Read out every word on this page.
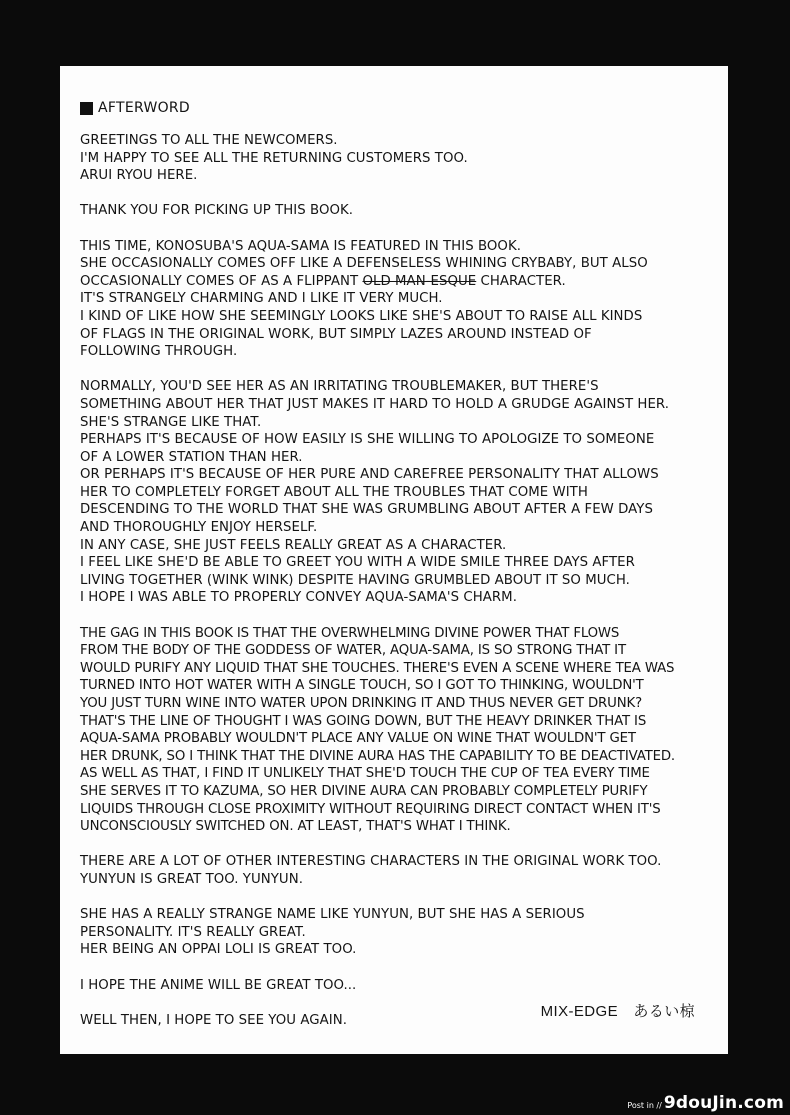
AFTERWORD
GREETINGS TO ALL THE NEWCOMERS.
I'M HAPPY TO SEE ALL THE RETURNING CUSTOMERS TOO.
ARUI RYOU HERE.
THANK YOU FOR PICKING UP THIS BOOK.
THIS TIME, KONOSUBA'S AQUA-SAMA IS FEATURED IN THIS BOOK.
SHE OCCASIONALLY COMES OFF LIKE A DEFENSELESS WHINING CRYBABY, BUT ALSO
OCCASIONALLY COMES OF AS A FLIPPANT OLD MAN-ESQUE CHARACTER.
IT'S STRANGELY CHARMING AND I LIKE IT VERY MUCH.
I KIND OF LIKE HOW SHE SEEMINGLY LOOKS LIKE SHE'S ABOUT TO RAISE ALL KINDS
OF FLAGS IN THE ORIGINAL WORK, BUT SIMPLY LAZES AROUND INSTEAD OF
FOLLOWING THROUGH.
NORMALLY, YOU'D SEE HER AS AN IRRITATING TROUBLEMAKER, BUT THERE'S
SOMETHING ABOUT HER THAT JUST MAKES IT HARD TO HOLD A GRUDGE AGAINST HER.
SHE'S STRANGE LIKE THAT.
PERHAPS IT'S BECAUSE OF HOW EASILY IS SHE WILLING TO APOLOGIZE TO SOMEONE
OF A LOWER STATION THAN HER.
OR PERHAPS IT'S BECAUSE OF HER PURE AND CAREFREE PERSONALITY THAT ALLOWS
HER TO COMPLETELY FORGET ABOUT ALL THE TROUBLES THAT COME WITH
DESCENDING TO THE WORLD THAT SHE WAS GRUMBLING ABOUT AFTER A FEW DAYS
AND THOROUGHLY ENJOY HERSELF.
IN ANY CASE, SHE JUST FEELS REALLY GREAT AS A CHARACTER.
I FEEL LIKE SHE'D BE ABLE TO GREET YOU WITH A WIDE SMILE THREE DAYS AFTER
LIVING TOGETHER (WINK WINK) DESPITE HAVING GRUMBLED ABOUT IT SO MUCH.
I HOPE I WAS ABLE TO PROPERLY CONVEY AQUA-SAMA'S CHARM.
THE GAG IN THIS BOOK IS THAT THE OVERWHELMING DIVINE POWER THAT FLOWS
FROM THE BODY OF THE GODDESS OF WATER, AQUA-SAMA, IS SO STRONG THAT IT
WOULD PURIFY ANY LIQUID THAT SHE TOUCHES. THERE'S EVEN A SCENE WHERE TEA WAS
TURNED INTO HOT WATER WITH A SINGLE TOUCH, SO I GOT TO THINKING, WOULDN'T
YOU JUST TURN WINE INTO WATER UPON DRINKING IT AND THUS NEVER GET DRUNK?
THAT'S THE LINE OF THOUGHT I WAS GOING DOWN, BUT THE HEAVY DRINKER THAT IS
AQUA-SAMA PROBABLY WOULDN'T PLACE ANY VALUE ON WINE THAT WOULDN'T GET
HER DRUNK, SO I THINK THAT THE DIVINE AURA HAS THE CAPABILITY TO BE DEACTIVATED.
AS WELL AS THAT, I FIND IT UNLIKELY THAT SHE'D TOUCH THE CUP OF TEA EVERY TIME
SHE SERVES IT TO KAZUMA, SO HER DIVINE AURA CAN PROBABLY COMPLETELY PURIFY
LIQUIDS THROUGH CLOSE PROXIMITY WITHOUT REQUIRING DIRECT CONTACT WHEN IT'S
UNCONSCIOUSLY SWITCHED ON. AT LEAST, THAT'S WHAT I THINK.
THERE ARE A LOT OF OTHER INTERESTING CHARACTERS IN THE ORIGINAL WORK TOO.
YUNYUN IS GREAT TOO. YUNYUN.
SHE HAS A REALLY STRANGE NAME LIKE YUNYUN, BUT SHE HAS A SERIOUS
PERSONALITY. IT'S REALLY GREAT.
HER BEING AN OPPAI LOLI IS GREAT TOO.
I HOPE THE ANIME WILL BE GREAT TOO...
WELL THEN, I HOPE TO SEE YOU AGAIN.
MIX-EDGE　あるい椋
Post in // 9douJin.com
